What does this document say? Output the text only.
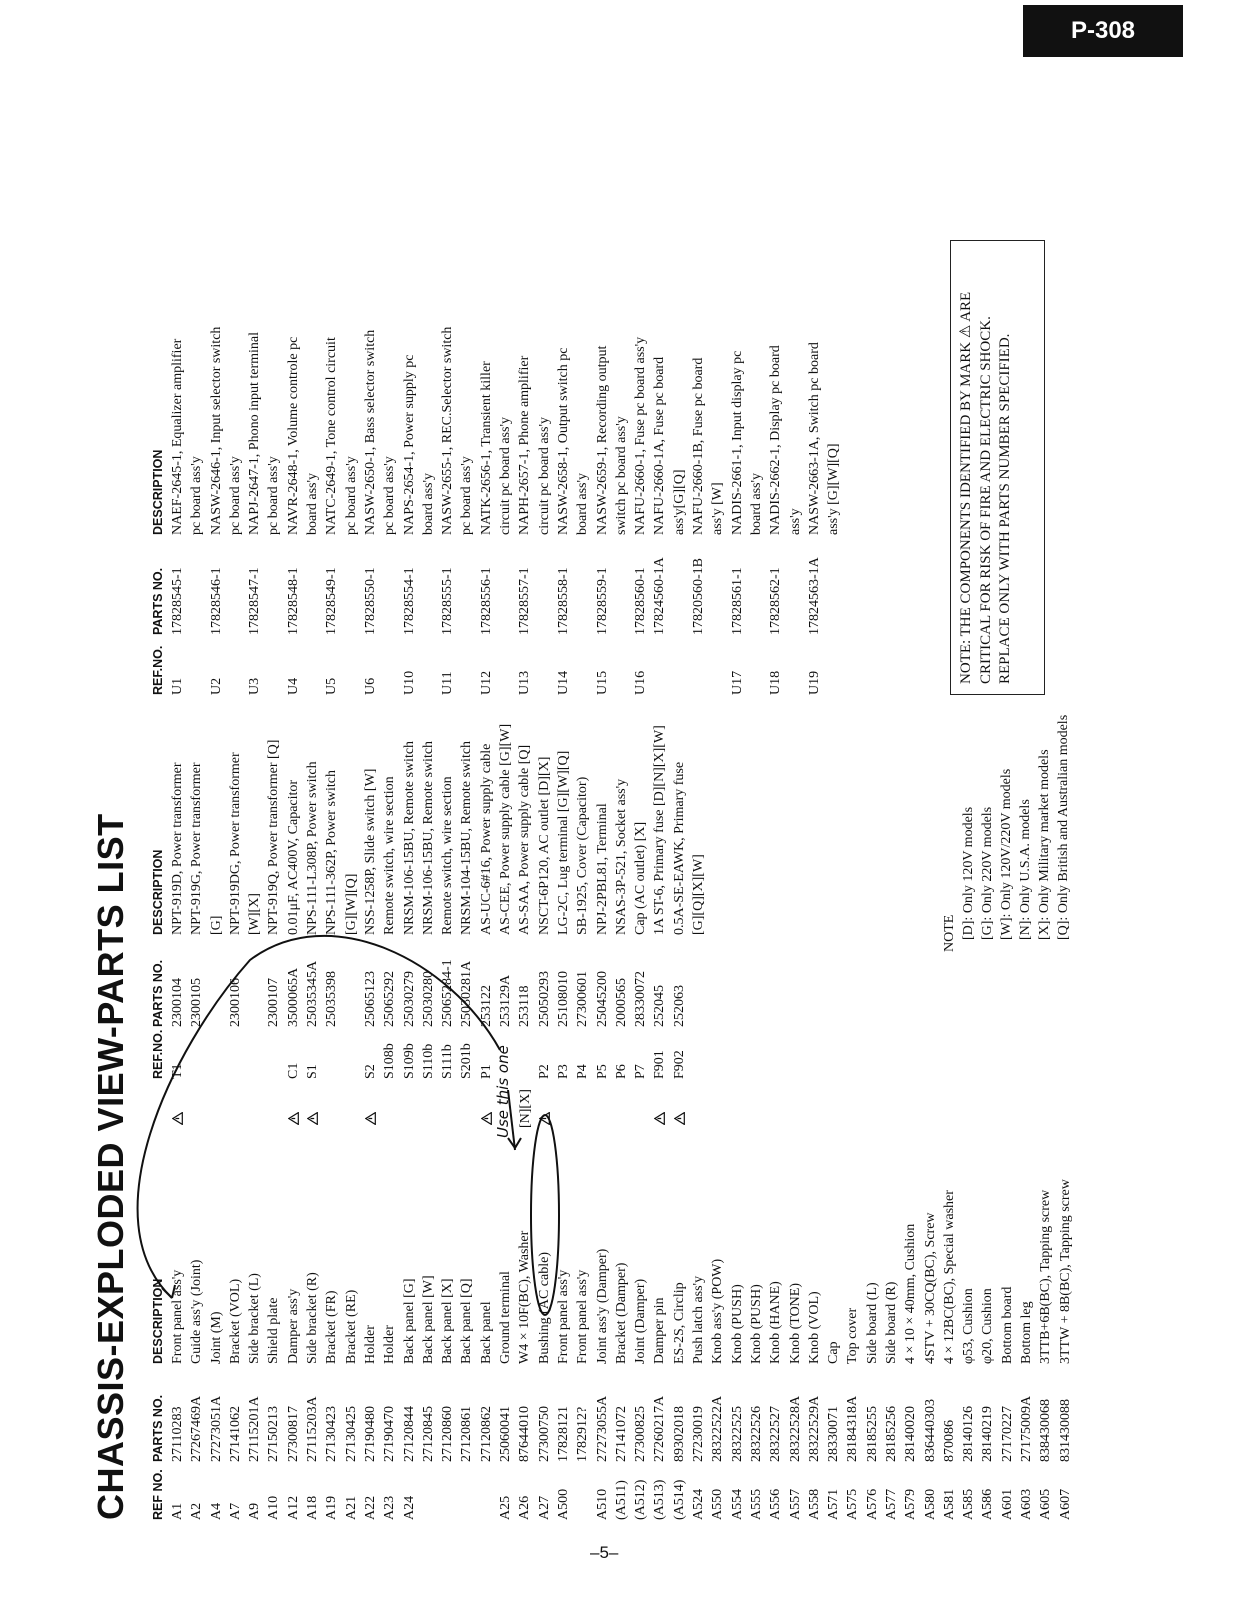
P-308
CHASSIS-EXPLODED VIEW-PARTS LIST REF NO.
PARTS NO.
DESCRIPTION
A1
27110283
Front panel ass'y
A2
27267469A
Guide ass'y (Joint)
A4
27273051A
Joint (M)
A7
27141062
Bracket (VOL)
A9
27115201A
Side bracket (L)
A10
27150213
Shield plate
A12
27300817
Damper ass'y
A18
27115203A
Side bracket (R)
A19
27130423
Bracket (FR)
A21
27130425
Bracket (RE)
A22
27190480
Holder
A23
27190470
Holder
A24
27120844
Back panel [G]
27120845
Back panel [W]
27120860
Back panel [X]
27120861
Back panel [Q]
27120862
Back panel
A25
25060041
Ground terminal
A26
87644010
W4 × 10F(BC), Washer
A27
27300750
Bushing (AC cable)
A500
17828121
Front panel ass'y
1782912?
Front panel ass'y
A510
27273055A
Joint ass'y (Damper)
(A511)
27141072
Bracket (Damper)
(A512)
27300825
Joint (Damper)
(A513)
27260217A
Damper pin
(A514)
89302018
ES-2S, Circlip
A524
27230019
Push latch ass'y
A550
28322522A
Knob ass'y (POW)
A554
28322525
Knob (PUSH)
A555
28322526
Knob (PUSH)
A556
28322527
Knob (HANE)
A557
28322528A
Knob (TONE)
A558
28322529A
Knob (VOL)
A571
28330071
Cap
A575
28184318A
Top cover
A576
28185255
Side board (L)
A577
28185256
Side board (R)
A579
28140020
4 × 10 × 40mm, Cushion
A580
836440303
4STV + 30CQ(BC), Screw
A581
870086
4 × 12BC(BC), Special washer
A585
28140126
φ53, Cushion
A586
28140219
φ20, Cushion
A601
27170227
Bottom board
A603
27175009A
Bottom leg
A605
838430068
3TTB+6B(BC), Tapping screw
A607
831430088
3TTW + 8B(BC), Tapping screw
REF.NO.
PARTS NO.
DESCRIPTION
T1
2300104
NPT-919D, Power transformer
2300105
NPT-919G, Power transformer [G]
2300106
NPT-919DG, Power transformer [W][X]
2300107
NPT-919Q, Power transformer [Q]
C1
3500065A
0.01μF, AC400V, Capacitor
S1
25035345A
NPS-111-L308P, Power switch
25035398
NPS-111-362P, Power switch [G][W][Q]
S2
25065123
NSS-1258P, Slide switch [W]
S108b
25065292
Remote switch, wire section
S109b
25030279
NRSM-106-15BU, Remote switch
S110b
25030280
NRSM-106-15BU, Remote switch
S111b
25065284-1
Remote switch, wire section
S201b
25030281A
NRSM-104-15BU, Remote switch
P1
253122
AS-UC-6#16, Power supply cable
253129A
AS-CEE, Power supply cable [G][W]
253118
AS-SAA, Power supply cable [Q]
P2
25050293
NSCT-6P120, AC outlet [D][X]
P3
25108010
LG-2C, Lug terminal [G][W][Q]
P4
27300601
SB-1925, Cover (Capacitor)
P5
25045200
NPJ-2PBL81, Terminal
P6
2000565
NSAS-3P-521, Socket ass'y
P7
28330072
Cap (AC outlet) [X]
F901
252045
1A ST-6, Primary fuse [D][N][X][W]
F902
252063
0.5A-SE-EAWK, Primary fuse [G][Q][X][W]
REF.NO.
PARTS NO.
DESCRIPTION
U1
17828545-1
NAEF-2645-1, Equalizer amplifier pc board ass'y
U2
17828546-1
NASW-2646-1, Input selector switch pc board ass'y
U3
17828547-1
NAPJ-2647-1, Phono input terminal pc board ass'y
U4
17828548-1
NAVR-2648-1, Volume controle pc board ass'y
U5
17828549-1
NATC-2649-1, Tone control circuit pc board ass'y
U6
17828550-1
NASW-2650-1, Bass selector switch pc board ass'y
U10
17828554-1
NAPS-2654-1, Power supply pc board ass'y
U11
17828555-1
NASW-2655-1, REC.Selector switch pc board ass'y
U12
17828556-1
NATK-2656-1, Transient killer circuit pc board ass'y
U13
17828557-1
NAPH-2657-1, Phone amplifier circuit pc board ass'y
U14
17828558-1
NASW-2658-1, Output switch pc board ass'y
U15
17828559-1
NASW-2659-1, Recording output switch pc board ass'y
U16
17828560-1
NAFU-2660-1, Fuse pc board ass'y
17824560-1A
NAFU-2660-1A, Fuse pc board ass'y[G][Q]
17820560-1B
NAFU-2660-1B, Fuse pc board ass'y [W]
U17
17828561-1
NADIS-2661-1, Input display pc board ass'y
U18
17828562-1
NADIS-2662-1, Display pc board ass'y
U19
17824563-1A
NASW-2663-1A, Switch pc board ass'y [G][W][Q]
NOTE [D]: Only 120V models [G]: Only 220V models [W]: Only 120V/220V models [N]: Only U.S.A. models [X]: Only Military market models [Q]: Only British and Australian models
NOTE: THE COMPONENTS IDENTIFIED BY MARK ⚠ ARE CRITICAL FOR RISK OF FIRE AND ELECTRIC SHOCK. REPLACE ONLY WITH PARTS NUMBER SPECIFIED.
Use this one [N][X]
–5–
